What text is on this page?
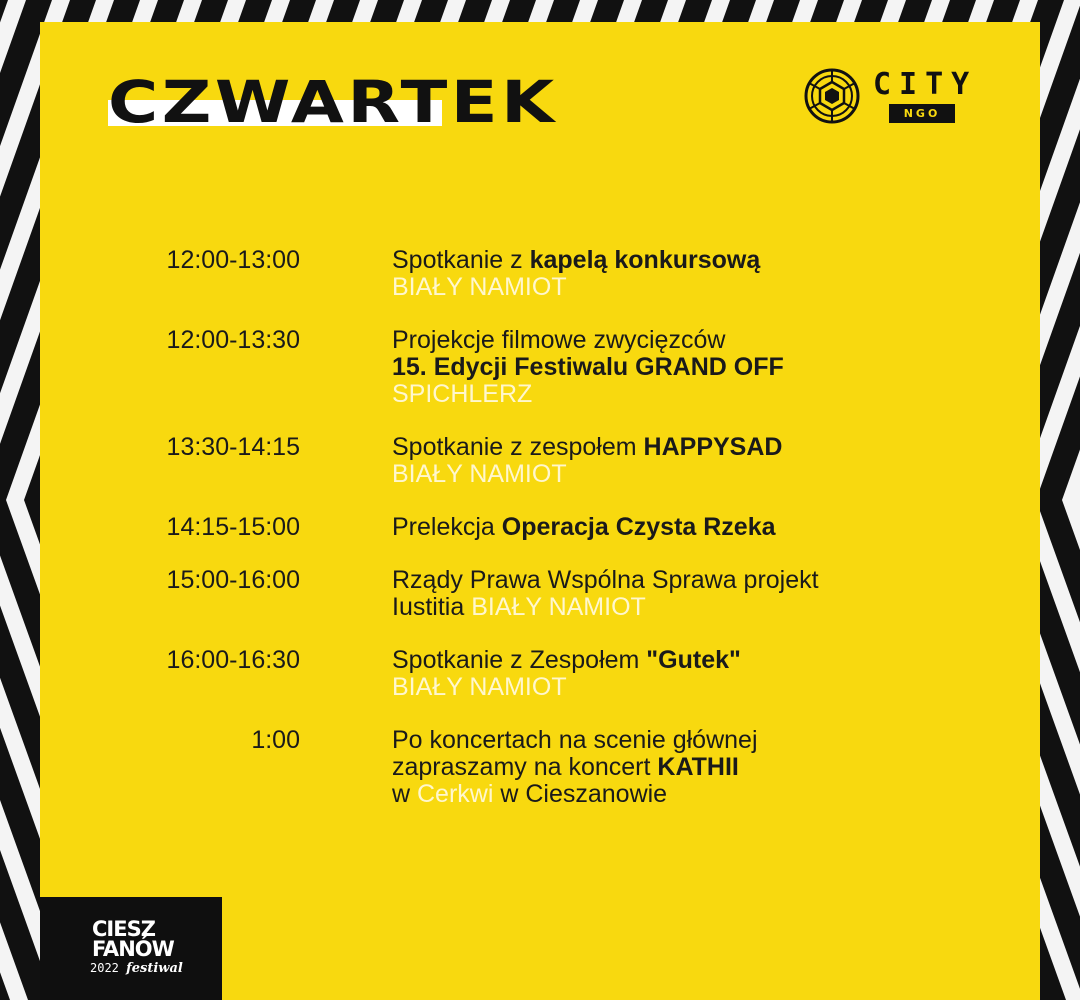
CZWARTEK	CITY
NGO
12:00-13:00	Spotkanie z kapelą konkursową
BIAŁY NAMIOT
12:00-13:30	Projekcje filmowe zwycięzców
15. Edycji Festiwalu GRAND OFF
SPICHLERZ
13:30-14:15	Spotkanie z zespołem HAPPYSAD
BIAŁY NAMIOT
14:15-15:00	Prelekcja Operacja Czysta Rzeka
15:00-16:00	Rządy Prawa Wspólna Sprawa projekt
Iustitia BIAŁY NAMIOT
16:00-16:30	Spotkanie z Zespołem "Gutek"
BIAŁY NAMIOT
1:00	Po koncertach na scenie głównej
zapraszamy na koncert KATHII
w Cerkwi w Cieszanowie
CIESZ
FANÓW
2022 festiwal
